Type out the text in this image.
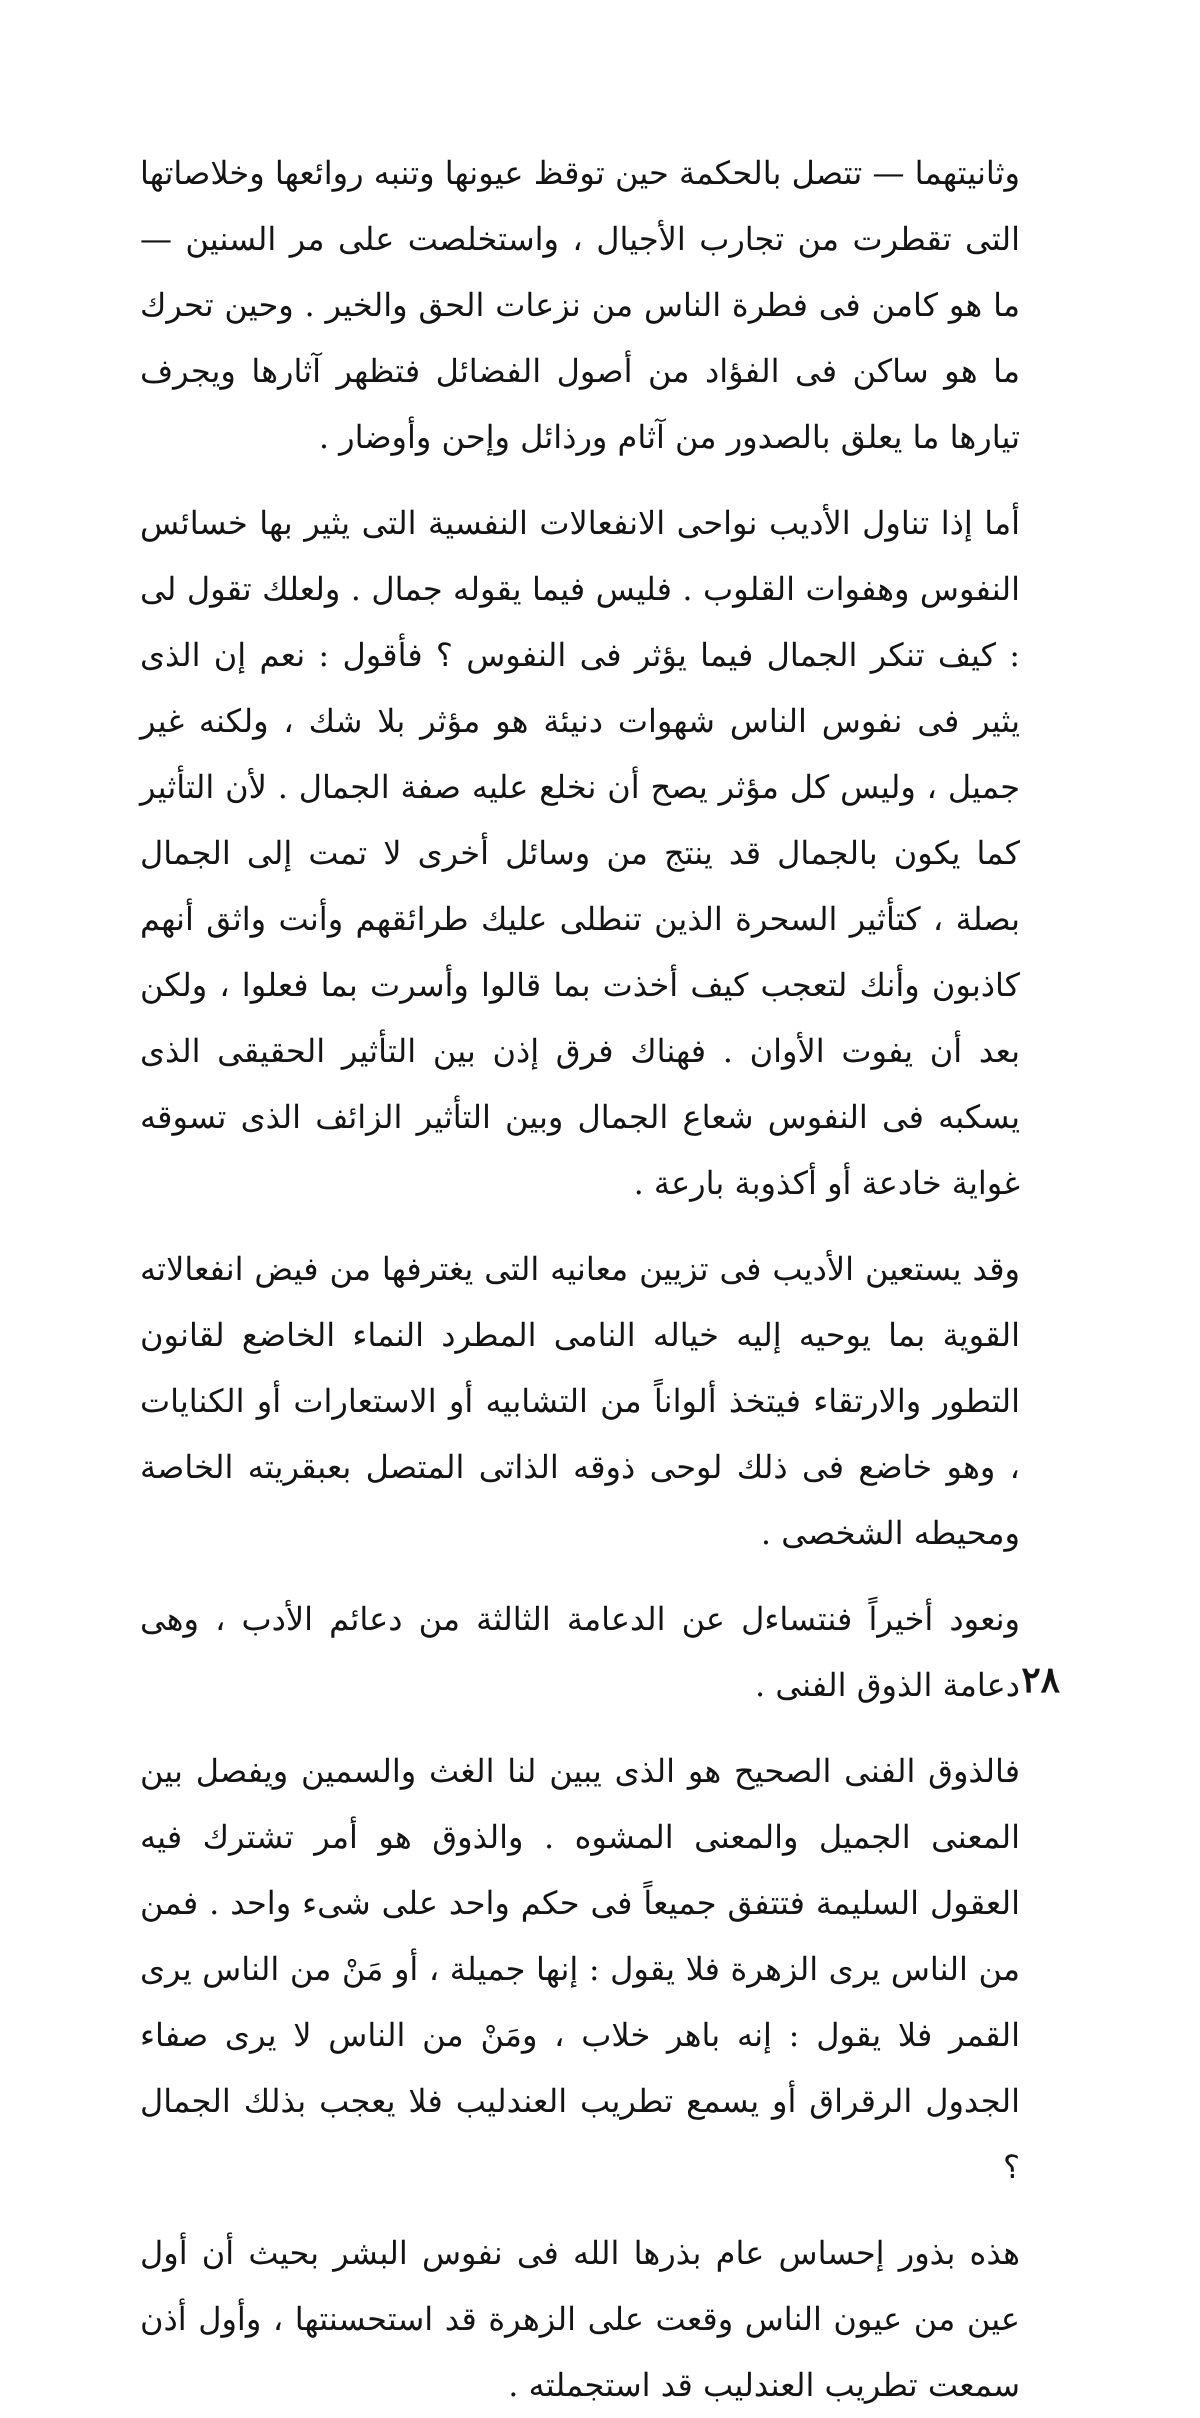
وثانيتهما — تتصل بالحكمة حين توقظ عيونها وتنبه روائعها وخلاصاتها التى تقطرت من تجارب الأجيال ، واستخلصت على مر السنين — ما هو كامن فى فطرة الناس من نزعات الحق والخير . وحين تحرك ما هو ساكن فى الفؤاد من أصول الفضائل فتظهر آثارها ويجرف تيارها ما يعلق بالصدور من آثام ورذائل وإحن وأوضار .

أما إذا تناول الأديب نواحى الانفعالات النفسية التى يثير بها خسائس النفوس وهفوات القلوب . فليس فيما يقوله جمال . ولعلك تقول لى : كيف تنكر الجمال فيما يؤثر فى النفوس ؟ فأقول : نعم إن الذى يثير فى نفوس الناس شهوات دنيئة هو مؤثر بلا شك ، ولكنه غير جميل ، وليس كل مؤثر يصح أن نخلع عليه صفة الجمال . لأن التأثير كما يكون بالجمال قد ينتج من وسائل أخرى لا تمت إلى الجمال بصلة ، كتأثير السحرة الذين تنطلى عليك طرائقهم وأنت واثق أنهم كاذبون وأنك لتعجب كيف أخذت بما قالوا وأسرت بما فعلوا ، ولكن بعد أن يفوت الأوان . فهناك فرق إذن بين التأثير الحقيقى الذى يسكبه فى النفوس شعاع الجمال وبين التأثير الزائف الذى تسوقه غواية خادعة أو أكذوبة بارعة .

وقد يستعين الأديب فى تزيين معانيه التى يغترفها من فيض انفعالاته القوية بما يوحيه إليه خياله النامى المطرد النماء الخاضع لقانون التطور والارتقاء فيتخذ ألواناً من التشابيه أو الاستعارات أو الكنايات ، وهو خاضع فى ذلك لوحى ذوقه الذاتى المتصل بعبقريته الخاصة ومحيطه الشخصى .

ونعود أخيراً فنتساءل عن الدعامة الثالثة من دعائم الأدب ، وهى دعامة الذوق الفنى .

فالذوق الفنى الصحيح هو الذى يبين لنا الغث والسمين ويفصل بين المعنى الجميل والمعنى المشوه . والذوق هو أمر تشترك فيه العقول السليمة فتتفق جميعاً فى حكم واحد على شىء واحد . فمن من الناس يرى الزهرة فلا يقول : إنها جميلة ، أو مَنْ من الناس يرى القمر فلا يقول : إنه باهر خلاب ، ومَنْ من الناس لا يرى صفاء الجدول الرقراق أو يسمع تطريب العندليب فلا يعجب بذلك الجمال ؟

هذه بذور إحساس عام بذرها الله فى نفوس البشر بحيث أن أول عين من عيون الناس وقعت على الزهرة قد استحسنتها ، وأول أذن سمعت تطريب العندليب قد استجملته .

٢٨
